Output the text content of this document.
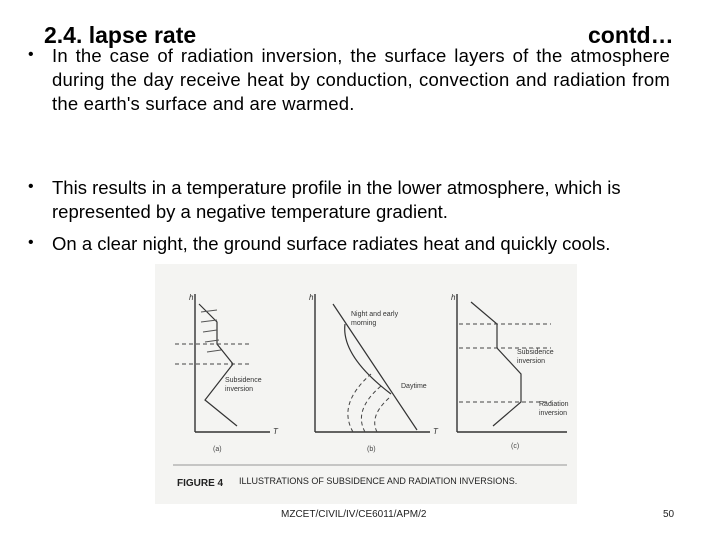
2.4. lapse rate	contd…
• In the case of radiation inversion, the surface layers of the atmosphere during the day receive heat by conduction, convection and radiation from the earth's surface and are warmed.
• This results in a temperature profile in the lower atmosphere, which is represented by a negative temperature gradient.
• On a clear night, the ground surface radiates heat and quickly cools.
h
T
Subsidence inversion
(a)
h
T
Night and early morning
Daytime
(b)
h
Subsidence inversion
Radiation inversion
(c)
FIGURE 4 ILLUSTRATIONS OF SUBSIDENCE AND RADIATION INVERSIONS.
MZCET/CIVIL/IV/CE6011/APM/2	50
